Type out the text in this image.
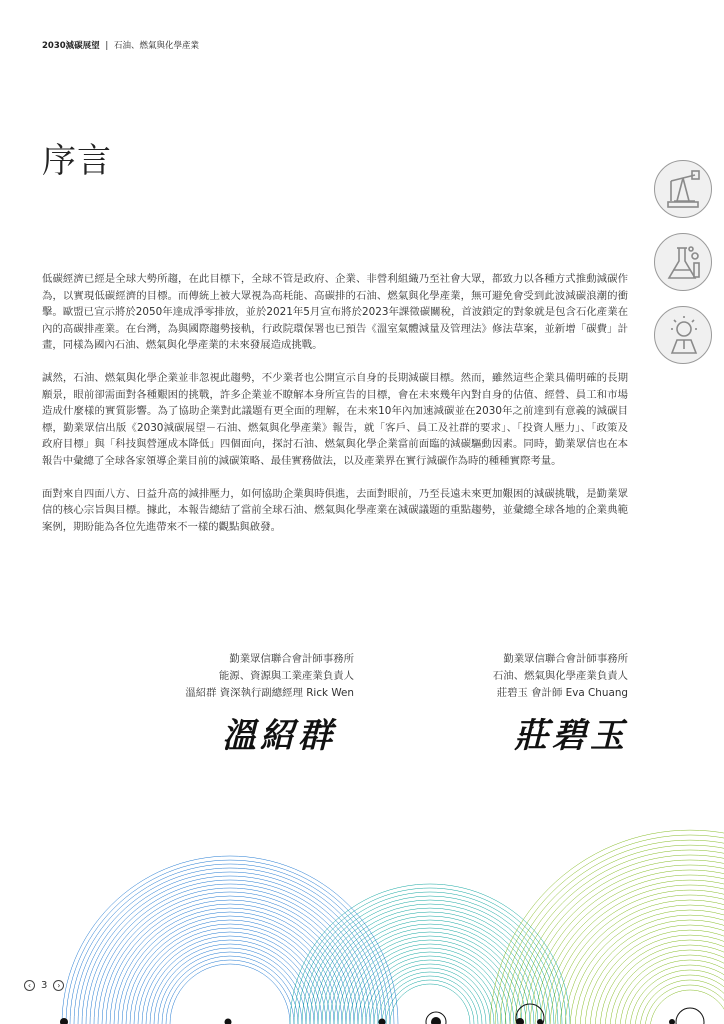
2030減碳展望 | 石油、燃氣與化學產業
序言

低碳經濟已經是全球大勢所趨，在此目標下，全球不管是政府、企業、非營利組織乃至社會大眾，都致力以各種方式推動減碳作為，以實現低碳經濟的目標。而傳統上被大眾視為高耗能、高碳排的石油、燃氣與化學產業，無可避免會受到此波減碳浪潮的衝擊。歐盟已宣示將於2050年達成淨零排放，並於2021年5月宣布將於2023年課徵碳關稅，首波鎖定的對象就是包含石化產業在內的高碳排產業。在台灣，為與國際趨勢接軌，行政院環保署也已預告《溫室氣體減量及管理法》修法草案，並新增「碳費」計畫，同樣為國內石油、燃氣與化學產業的未來發展造成挑戰。

誠然，石油、燃氣與化學企業並非忽視此趨勢，不少業者也公開宣示自身的長期減碳目標。然而，雖然這些企業具備明確的長期願景，眼前卻需面對各種艱困的挑戰，許多企業並不瞭解本身所宣告的目標，會在未來幾年內對自身的估值、經營、員工和市場造成什麼樣的實質影響。為了協助企業對此議題有更全面的理解，在未來10年內加速減碳並在2030年之前達到有意義的減碳目標，勤業眾信出版《2030減碳展望－石油、燃氣與化學產業》報告，就「客戶、員工及社群的要求」、「投資人壓力」、「政策及政府目標」與「科技與營運成本降低」四個面向，探討石油、燃氣與化學企業當前面臨的減碳驅動因素。同時，勤業眾信也在本報告中彙總了全球各家領導企業目前的減碳策略、最佳實務做法，以及產業界在實行減碳作為時的種種實際考量。

面對來自四面八方、日益升高的減排壓力，如何協助企業與時俱進，去面對眼前，乃至長遠未來更加艱困的減碳挑戰，是勤業眾信的核心宗旨與目標。據此，本報告總結了當前全球石油、燃氣與化學產業在減碳議題的重點趨勢，並彙總全球各地的企業典範案例，期盼能為各位先進帶來不一樣的觀點與啟發。

勤業眾信聯合會計師事務所
能源、資源與工業產業負責人
溫紹群 資深執行副總經理 Rick Wen
溫紹群
勤業眾信聯合會計師事務所
石油、燃氣與化學產業負責人
莊碧玉 會計師 Eva Chuang
莊碧玉
‹ 3	›
